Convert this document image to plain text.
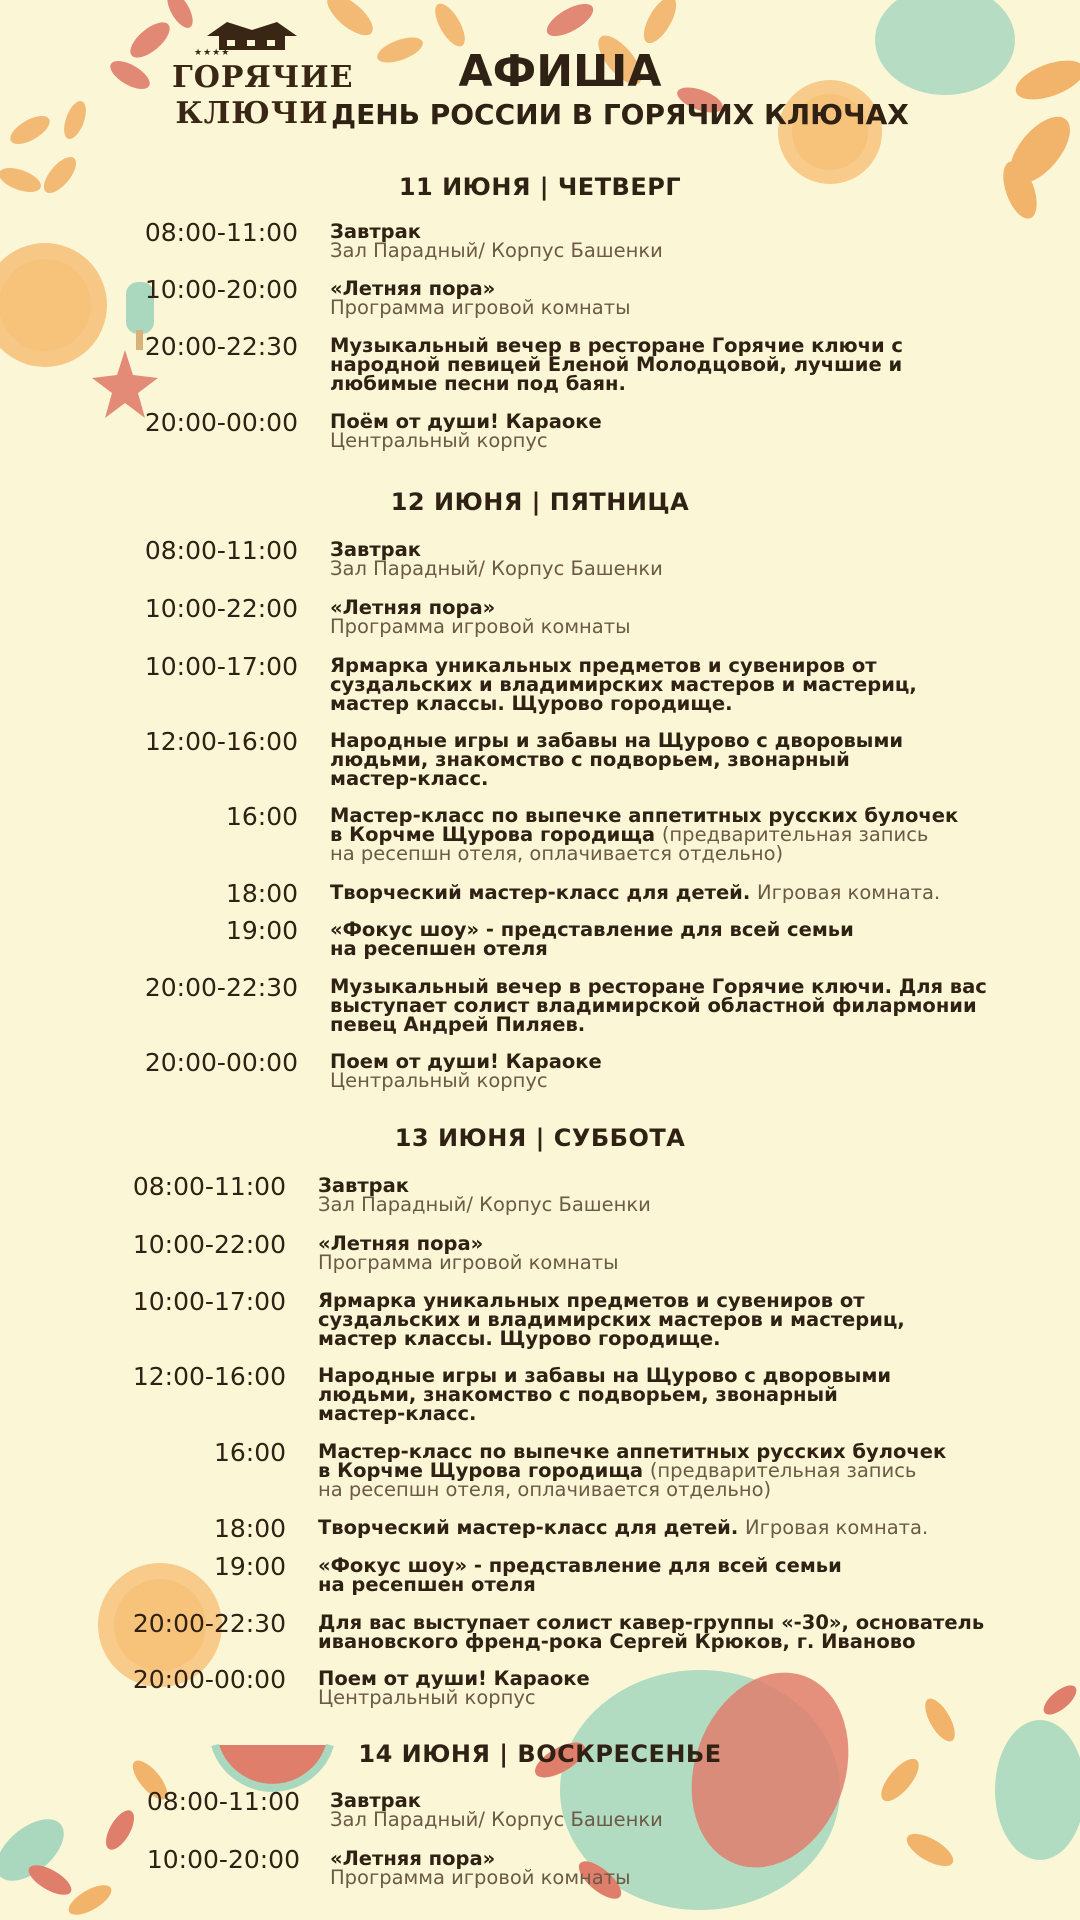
★★★★
ГОРЯЧИЕ
КЛЮЧИ
АФИША
ДЕНЬ РОССИИ В ГОРЯЧИХ КЛЮЧАХ
11 ИЮНЯ | ЧЕТВЕРГ
08:00-11:00 Завтрак
Зал Парадный/ Корпус Башенки
10:00-20:00 «Летняя пора»
Программа игровой комнаты
20:00-22:30 Музыкальный вечер в ресторане Горячие ключи с
народной певицей Еленой Молодцовой, лучшие и
любимые песни под баян.
20:00-00:00 Поём от души! Караоке
Центральный корпус
12 ИЮНЯ | ПЯТНИЦА
08:00-11:00 Завтрак
Зал Парадный/ Корпус Башенки
10:00-22:00 «Летняя пора»
Программа игровой комнаты
10:00-17:00 Ярмарка уникальных предметов и сувениров от
суздальских и владимирских мастеров и мастериц,
мастер классы. Щурово городище.
12:00-16:00 Народные игры и забавы на Щурово с дворовыми
людьми, знакомство с подворьем, звонарный
мастер-класс.
16:00 Мастер-класс по выпечке аппетитных русских булочек
в Корчме Щурова городища (предварительная запись
на ресепшн отеля, оплачивается отдельно)
18:00 Творческий мастер-класс для детей. Игровая комната.
19:00 «Фокус шоу» - представление для всей семьи
на ресепшен отеля
20:00-22:30 Музыкальный вечер в ресторане Горячие ключи. Для вас
выступает солист владимирской областной филармонии
певец Андрей Пиляев.
20:00-00:00 Поем от души! Караоке
Центральный корпус
13 ИЮНЯ | СУББОТА
08:00-11:00 Завтрак
Зал Парадный/ Корпус Башенки
10:00-22:00 «Летняя пора»
Программа игровой комнаты
10:00-17:00 Ярмарка уникальных предметов и сувениров от
суздальских и владимирских мастеров и мастериц,
мастер классы. Щурово городище.
12:00-16:00 Народные игры и забавы на Щурово с дворовыми
людьми, знакомство с подворьем, звонарный
мастер-класс.
16:00 Мастер-класс по выпечке аппетитных русских булочек
в Корчме Щурова городища (предварительная запись
на ресепшн отеля, оплачивается отдельно)
18:00 Творческий мастер-класс для детей. Игровая комната.
19:00 «Фокус шоу» - представление для всей семьи
на ресепшен отеля
20:00-22:30 Для вас выступает солист кавер-группы «-30», основатель
ивановского френд-рока Сергей Крюков, г. Иваново
20:00-00:00 Поем от души! Караоке
Центральный корпус
14 ИЮНЯ | ВОСКРЕСЕНЬЕ
08:00-11:00 Завтрак
Зал Парадный/ Корпус Башенки
10:00-20:00 «Летняя пора»
Программа игровой комнаты
